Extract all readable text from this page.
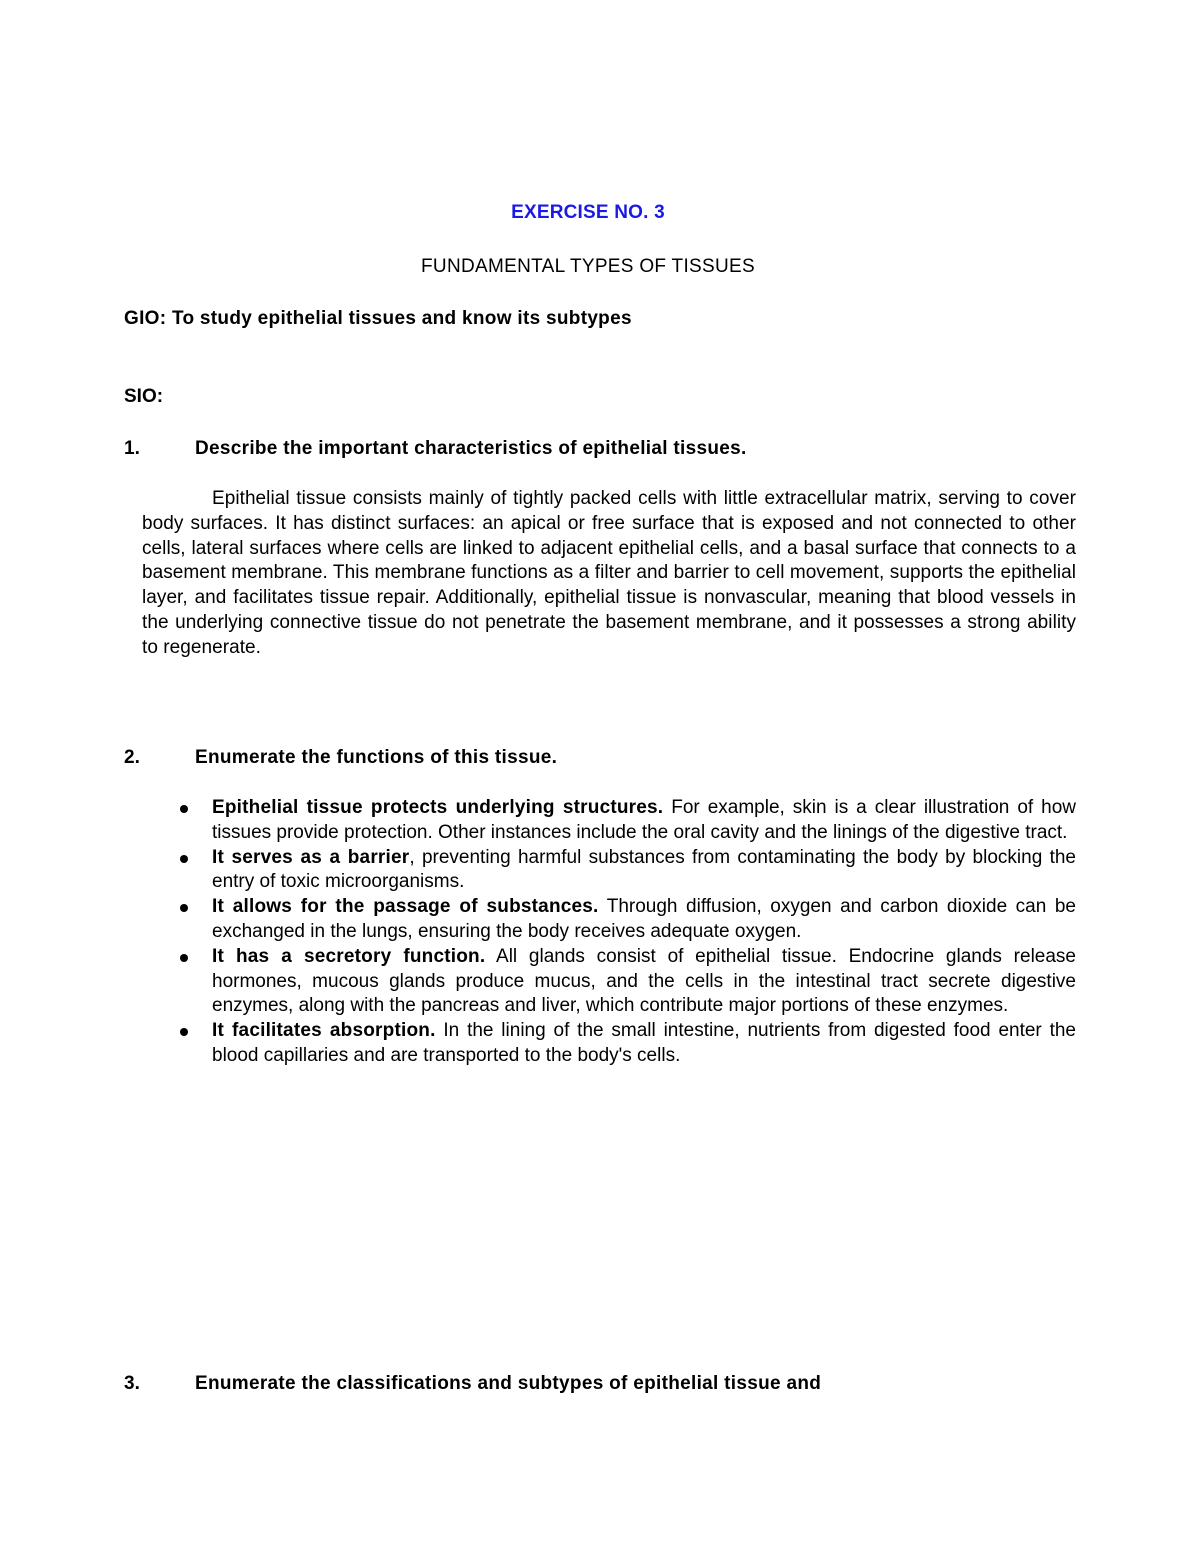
EXERCISE NO. 3

FUNDAMENTAL TYPES OF TISSUES

GIO: To study epithelial tissues and know its subtypes

SIO:

1.	Describe the important characteristics of epithelial tissues.

Epithelial tissue consists mainly of tightly packed cells with little extracellular matrix, serving to cover body surfaces. It has distinct surfaces: an apical or free surface that is exposed and not connected to other cells, lateral surfaces where cells are linked to adjacent epithelial cells, and a basal surface that connects to a basement membrane. This membrane functions as a filter and barrier to cell movement, supports the epithelial layer, and facilitates tissue repair. Additionally, epithelial tissue is nonvascular, meaning that blood vessels in the underlying connective tissue do not penetrate the basement membrane, and it possesses a strong ability to regenerate.

2.	Enumerate the functions of this tissue.

Epithelial tissue protects underlying structures. For example, skin is a clear illustration of how tissues provide protection. Other instances include the oral cavity and the linings of the digestive tract.
It serves as a barrier, preventing harmful substances from contaminating the body by blocking the entry of toxic microorganisms.
It allows for the passage of substances. Through diffusion, oxygen and carbon dioxide can be exchanged in the lungs, ensuring the body receives adequate oxygen.
It has a secretory function. All glands consist of epithelial tissue. Endocrine glands release hormones, mucous glands produce mucus, and the cells in the intestinal tract secrete digestive enzymes, along with the pancreas and liver, which contribute major portions of these enzymes.
It facilitates absorption. In the lining of the small intestine, nutrients from digested food enter the blood capillaries and are transported to the body's cells.

3.	Enumerate the classifications and subtypes of epithelial tissue and
